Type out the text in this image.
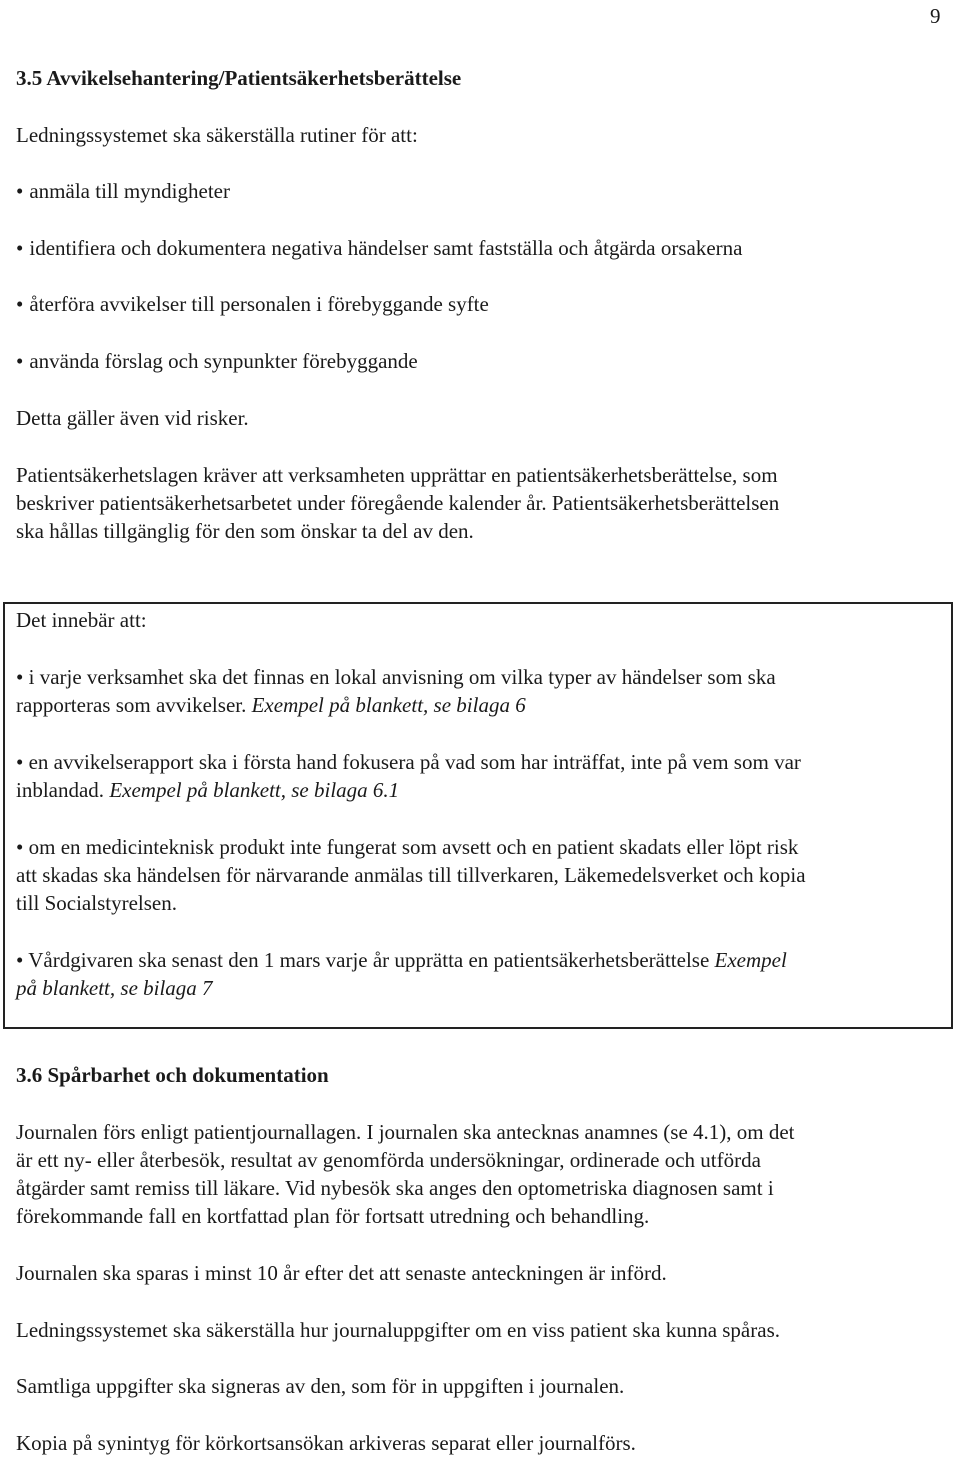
9
3.5 Avvikelsehantering/Patientsäkerhetsberättelse
Ledningssystemet ska säkerställa rutiner för att:
• anmäla till myndigheter
• identifiera och dokumentera negativa händelser samt fastställa och åtgärda orsakerna
• återföra avvikelser till personalen i förebyggande syfte
• använda förslag och synpunkter förebyggande
Detta gäller även vid risker.
Patientsäkerhetslagen kräver att verksamheten upprättar en patientsäkerhetsberättelse, som
beskriver patientsäkerhetsarbetet under föregående kalender år. Patientsäkerhetsberättelsen
ska hållas tillgänglig för den som önskar ta del av den.
Det innebär att:
• i varje verksamhet ska det finnas en lokal anvisning om vilka typer av händelser som ska
rapporteras som avvikelser. Exempel på blankett, se bilaga 6
• en avvikelserapport ska i första hand fokusera på vad som har inträffat, inte på vem som var
inblandad. Exempel på blankett, se bilaga 6.1
• om en medicinteknisk produkt inte fungerat som avsett och en patient skadats eller löpt risk
att skadas ska händelsen för närvarande anmälas till tillverkaren, Läkemedelsverket och kopia
till Socialstyrelsen.
• Vårdgivaren ska senast den 1 mars varje år upprätta en patientsäkerhetsberättelse Exempel
på blankett, se bilaga 7
3.6 Spårbarhet och dokumentation
Journalen förs enligt patientjournallagen. I journalen ska antecknas anamnes (se 4.1), om det
är ett ny- eller återbesök, resultat av genomförda undersökningar, ordinerade och utförda
åtgärder samt remiss till läkare. Vid nybesök ska anges den optometriska diagnosen samt i
förekommande fall en kortfattad plan för fortsatt utredning och behandling.
Journalen ska sparas i minst 10 år efter det att senaste anteckningen är införd.
Ledningssystemet ska säkerställa hur journaluppgifter om en viss patient ska kunna spåras.
Samtliga uppgifter ska signeras av den, som för in uppgiften i journalen.
Kopia på synintyg för körkortsansökan arkiveras separat eller journalförs.
